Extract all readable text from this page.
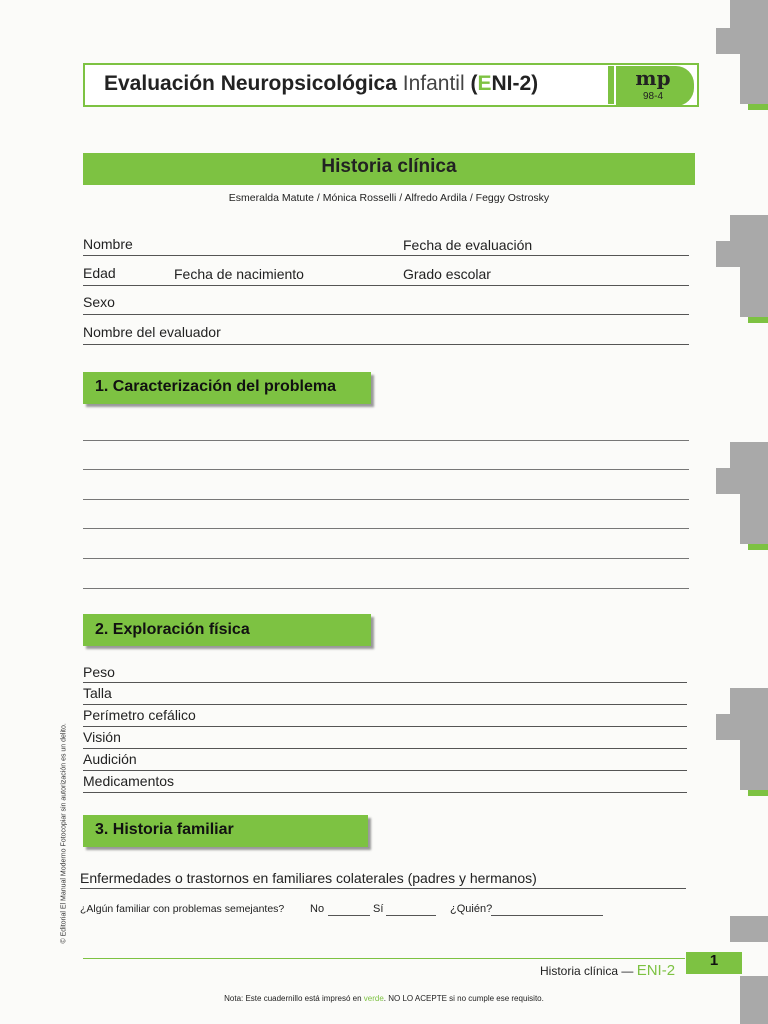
Evaluación Neuropsicológica Infantil (ENI-2)	mp
98-4
Historia clínica
Esmeralda Matute / Mónica Rosselli / Alfredo Ardila / Feggy Ostrosky
Nombre	Fecha de evaluación
Edad	Fecha de nacimiento	Grado escolar
Sexo
Nombre del evaluador
1. Caracterización del problema
2. Exploración física
Peso
Talla
Perímetro cefálico
Visión
Audición
Medicamentos
3. Historia familiar
Enfermedades o trastornos en familiares colaterales (padres y hermanos)
¿Algún familiar con problemas semejantes? No	Sí	¿Quién?
Historia clínica — ENI-2
1
Nota: Este cuadernillo está impresó en verde. NO LO ACEPTE si no cumple ese requisito.
© Editorial El Manual Moderno Fotocopiar sin autorización es un delito.
